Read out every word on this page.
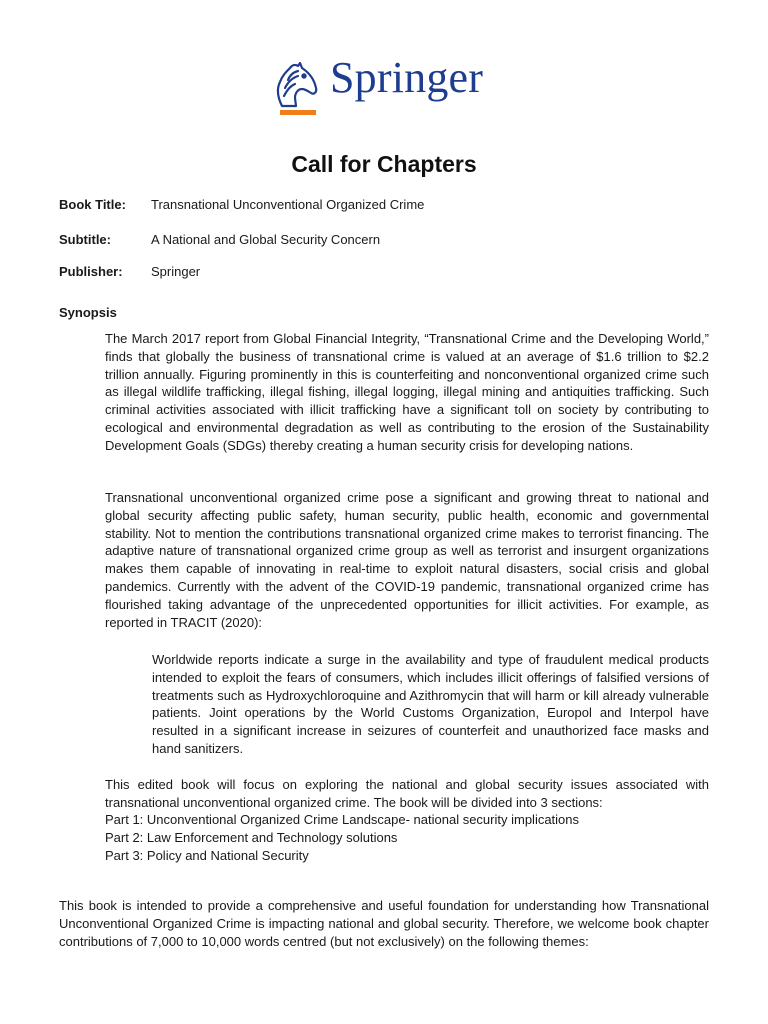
Springer
Call for Chapters
Book Title: Transnational Unconventional Organized Crime
Subtitle:	A National and Global Security Concern
Publisher: Springer
Synopsis

The March 2017 report from Global Financial Integrity, “Transnational Crime and the Developing World,” finds that globally the business of transnational crime is valued at an average of $1.6 trillion to $2.2 trillion annually. Figuring prominently in this is counterfeiting and nonconventional organized crime such as illegal wildlife trafficking, illegal fishing, illegal logging, illegal mining and antiquities trafficking. Such criminal activities associated with illicit trafficking have a significant toll on society by contributing to ecological and environmental degradation as well as contributing to the erosion of the Sustainability Development Goals (SDGs) thereby creating a human security crisis for developing nations.

Transnational unconventional organized crime pose a significant and growing threat to national and global security affecting public safety, human security, public health, economic and governmental stability. Not to mention the contributions transnational organized crime makes to terrorist financing. The adaptive nature of transnational organized crime group as well as terrorist and insurgent organizations makes them capable of innovating in real-time to exploit natural disasters, social crisis and global pandemics. Currently with the advent of the COVID-19 pandemic, transnational organized crime has flourished taking advantage of the unprecedented opportunities for illicit activities. For example, as reported in TRACIT (2020):

Worldwide reports indicate a surge in the availability and type of fraudulent medical products intended to exploit the fears of consumers, which includes illicit offerings of falsified versions of treatments such as Hydroxychloroquine and Azithromycin that will harm or kill already vulnerable patients. Joint operations by the World Customs Organization, Europol and Interpol have resulted in a significant increase in seizures of counterfeit and unauthorized face masks and hand sanitizers.

This edited book will focus on exploring the national and global security issues associated with transnational unconventional organized crime. The book will be divided into 3 sections:

Part 1: Unconventional Organized Crime Landscape- national security implications
Part 2: Law Enforcement and Technology solutions
Part 3: Policy and National Security

This book is intended to provide a comprehensive and useful foundation for understanding how Transnational Unconventional Organized Crime is impacting national and global security. Therefore, we welcome book chapter contributions of 7,000 to 10,000 words centred (but not exclusively) on the following themes:
